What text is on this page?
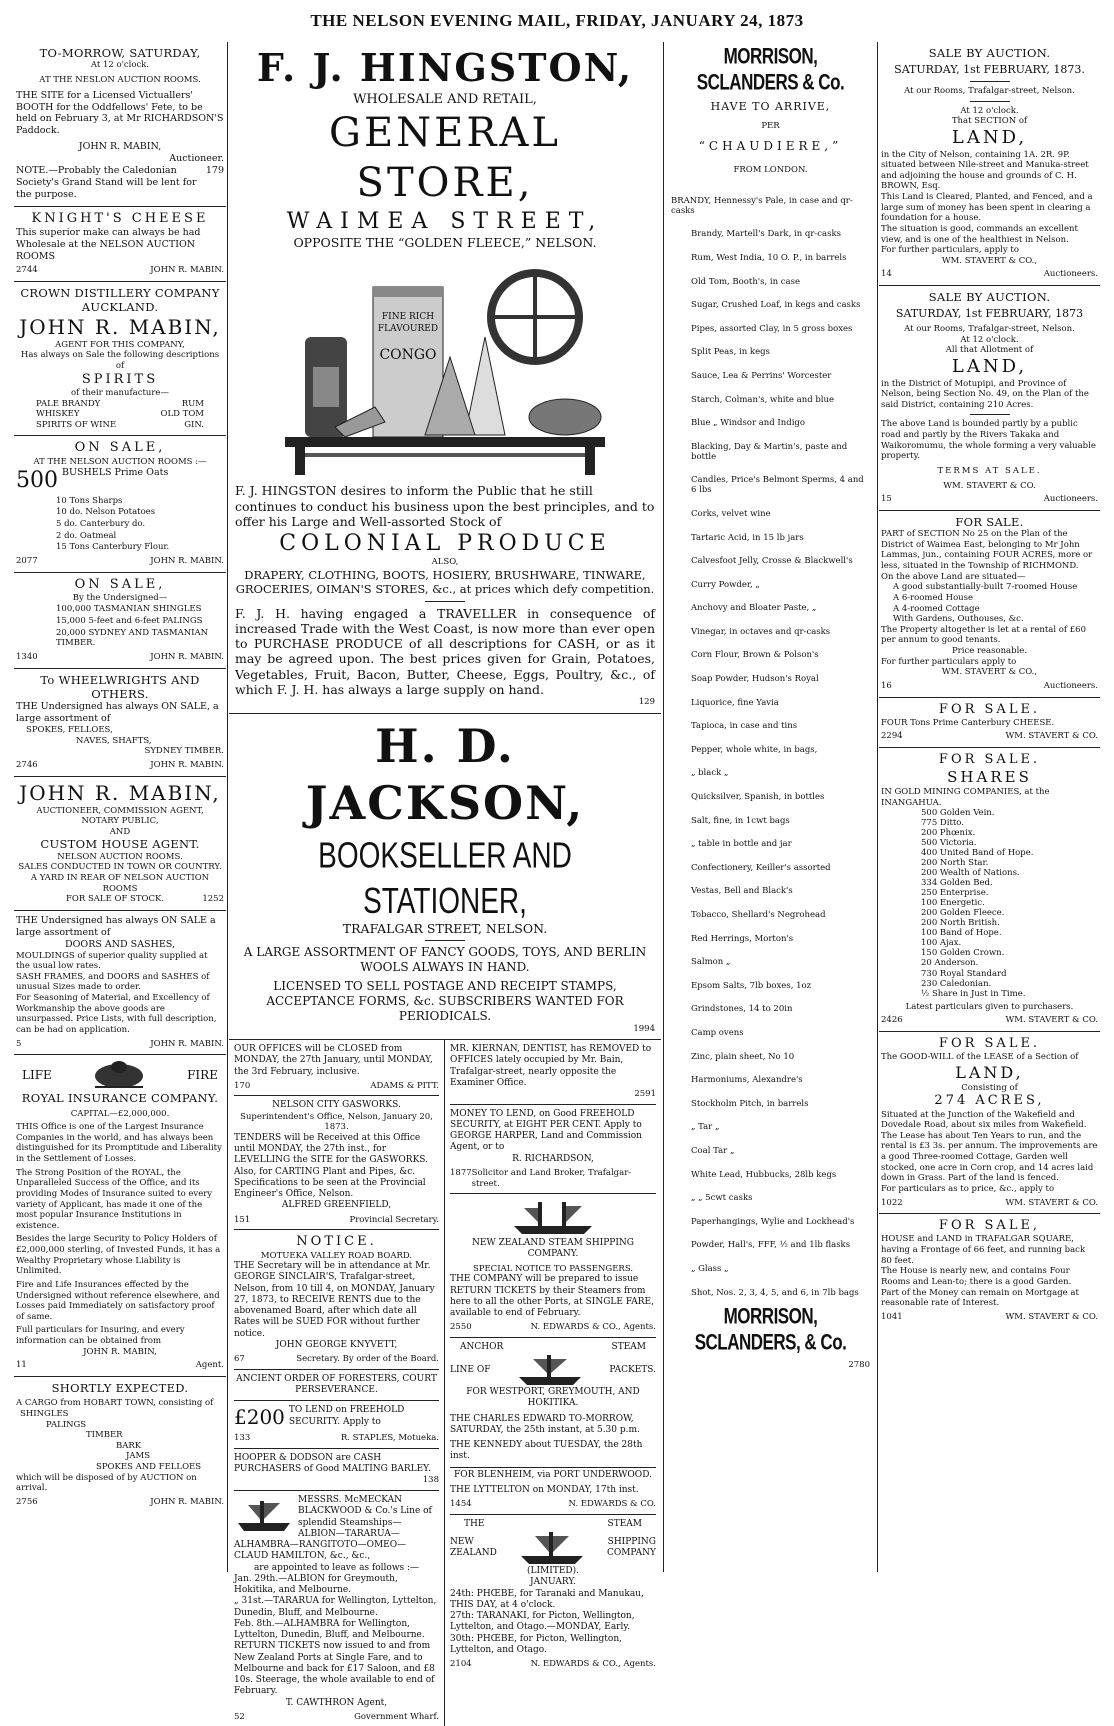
THE NELSON EVENING MAIL, FRIDAY, JANUARY 24, 1873
TO-MORROW, SATURDAY,
At 12 o'clock.
AT THE NESLON AUCTION ROOMS.
THE SITE for a Licensed Victuallers' BOOTH for the Oddfellows' Fete, to be held on February 3, at Mr RICHARDSON'S Paddock.
JOHN R. MABIN,
Auctioneer.
NOTE.—Probably the Caledonian Society's Grand Stand will be lent for the purpose.
179
KNIGHT'S CHEESE
This superior make can always be had Wholesale at the NELSON AUCTION ROOMS
2744	JOHN R. MABIN.
CROWN DISTILLERY COMPANY AUCKLAND.
JOHN R. MABIN,
AGENT FOR THIS COMPANY,
Has always on Sale the following descriptions of
SPIRITS
of their manufacture—
PALE BRANDY	RUM
WHISKEY	OLD TOM
SPIRITS OF WINE	GIN.
ON SALE,
AT THE NELSON AUCTION ROOMS :—
500 BUSHELS Prime Oats

10 Tons Sharps

10 do. Nelson Potatoes

5 do. Canterbury do.

2 do. Oatmeal

15 Tons Canterbury Flour.

2077	JOHN R. MABIN.
ON SALE,
By the Undersigned—

100,000 TASMANIAN SHINGLES

15,000 5-feet and 6-feet PALINGS

20,000 SYDNEY AND TASMANIAN TIMBER.

1340	JOHN R. MABIN.
To WHEELWRIGHTS AND OTHERS.
THE Undersigned has always ON SALE, a large assortment of
SPOKES, FELLOES,
NAVES, SHAFTS,
SYDNEY TIMBER.
2746	JOHN R. MABIN.
JOHN R. MABIN,
AUCTIONEER, COMMISSION AGENT,
NOTARY PUBLIC,
AND
CUSTOM HOUSE AGENT.
NELSON AUCTION ROOMS.
SALES CONDUCTED IN TOWN OR COUNTRY.
A YARD IN REAR OF NELSON AUCTION ROOMS
FOR SALE OF STOCK.	1252
THE Undersigned has always ON SALE a large assortment of
DOORS AND SASHES,
MOULDINGS of superior quality supplied at the usual low rates.
SASH FRAMES, and DOORS and SASHES of unusual Sizes made to order.
For Seasoning of Material, and Excellency of Workmanship the above goods are unsurpassed. Price Lists, with full description, can be had on application.
5	JOHN R. MABIN.
LIFE	FIRE
ROYAL INSURANCE COMPANY.
CAPITAL—£2,000,000.
THIS Office is one of the Largest Insurance Companies in the world, and has always been distinguished for its Promptitude and Liberality in the Settlement of Losses.
The Strong Position of the ROYAL, the Unparalleled Success of the Office, and its providing Modes of Insurance suited to every variety of Applicant, has made it one of the most popular Insurance Institutions in existence.
Besides the large Security to Policy Holders of £2,000,000 sterling, of Invested Funds, it has a Wealthy Proprietary whose Liability is Unlimited.
Fire and Life Insurances effected by the Undersigned without reference elsewhere, and Losses paid Immediately on satisfactory proof of same.
Full particulars for Insuring, and every information can be obtained from
JOHN R. MABIN,
11	Agent.
SHORTLY EXPECTED.
A CARGO from HOBART TOWN, consisting of
SHINGLES
PALINGS
TIMBER
BARK
JAMS
SPOKES AND FELLOES
which will be disposed of by AUCTION on arrival.
2756	JOHN R. MABIN.
F. J. HINGSTON,
WHOLESALE AND RETAIL,
GENERAL STORE,
WAIMEA STREET,
OPPOSITE THE “GOLDEN FLEECE,” NELSON.
FINE RICH
FLAVOURED
CONGO
F. J. HINGSTON desires to inform the Public that he still continues to conduct his business upon the best principles, and to offer his Large and Well-assorted Stock of
COLONIAL PRODUCE
ALSO,
DRAPERY, CLOTHING, BOOTS, HOSIERY, BRUSHWARE, TINWARE, GROCERIES, OIMAN'S STORES, &c., at prices which defy competition.
F. J. H. having engaged a TRAVELLER in consequence of increased Trade with the West Coast, is now more than ever open to PURCHASE PRODUCE of all descriptions for CASH, or as it may be agreed upon. The best prices given for Grain, Potatoes, Vegetables, Fruit, Bacon, Butter, Cheese, Eggs, Poultry, &c., of which F. J. H. has always a large supply on hand.
129
H. D. JACKSON,
BOOKSELLER AND STATIONER,
TRAFALGAR STREET, NELSON.
A LARGE ASSORTMENT OF FANCY GOODS, TOYS, AND BERLIN WOOLS ALWAYS IN HAND.
LICENSED TO SELL POSTAGE AND RECEIPT STAMPS, ACCEPTANCE FORMS, &c. SUBSCRIBERS WANTED FOR PERIODICALS.
1994
OUR OFFICES will be CLOSED from MONDAY, the 27th January, until MONDAY, the 3rd February, inclusive.
170	ADAMS & PITT.
NELSON CITY GASWORKS.
Superintendent's Office, Nelson, January 20, 1873.
TENDERS will be Received at this Office until MONDAY, the 27th inst., for LEVELLING the SITE for the GASWORKS.
Also, for CARTING Plant and Pipes, &c. Specifications to be seen at the Provincial Engineer's Office, Nelson.
ALFRED GREENFIELD,
151	Provincial Secretary.
NOTICE.
MOTUEKA VALLEY ROAD BOARD.
THE Secretary will be in attendance at Mr. GEORGE SINCLAIR'S, Trafalgar-street, Nelson, from 10 till 4, on MONDAY, January 27, 1873, to RECEIVE RENTS due to the abovenamed Board, after which date all Rates will be SUED FOR without further notice.
JOHN GEORGE KNYVETT,
67	Secretary. By order of the Board.
ANCIENT ORDER OF FORESTERS, COURT PERSEVERANCE.
£200 TO LEND on FREEHOLD SECURITY. Apply to
133	R. STAPLES, Motueka.
HOOPER & DODSON are CASH PURCHASERS of Good MALTING BARLEY.
138
MESSRS. McMECKAN BLACKWOOD & Co.'s Line of splendid Steamships—ALBION—TARARUA—ALHAMBRA—RANGITOTO—OMEO—CLAUD HAMILTON, &c., &c.,
are appointed to leave as follows :—
Jan. 29th.—ALBION for Greymouth, Hokitika, and Melbourne.
„ 31st.—TARARUA for Wellington, Lyttelton, Dunedin, Bluff, and Melbourne.
Feb. 8th.—ALHAMBRA for Wellington, Lyttelton, Dunedin, Bluff, and Melbourne.
RETURN TICKETS now issued to and from New Zealand Ports at Single Fare, and to Melbourne and back for £17 Saloon, and £8 10s. Steerage, the whole available to end of February.
T. CAWTHRON Agent,
52	Government Wharf.
MR. KIERNAN, DENTIST, has REMOVED to OFFICES lately occupied by Mr. Bain, Trafalgar-street, nearly opposite the Examiner Office.
2591
MONEY TO LEND, on Good FREEHOLD SECURITY, at EIGHT PER CENT. Apply to GEORGE HARPER, Land and Commission Agent, or to
R. RICHARDSON,
1877 Solicitor and Land Broker, Trafalgar-street.
NEW ZEALAND STEAM SHIPPING COMPANY.
SPECIAL NOTICE TO PASSENGERS.
THE COMPANY will be prepared to issue RETURN TICKETS by their Steamers from here to all the other Ports, at SINGLE FARE, available to end of February.
2550	N. EDWARDS & CO., Agents.
ANCHOR	STEAM
LINE OF	PACKETS.
FOR WESTPORT, GREYMOUTH, AND HOKITIKA.
THE CHARLES EDWARD TO-MORROW, SATURDAY, the 25th instant, at 5.30 p.m.
THE KENNEDY about TUESDAY, the 28th inst.
FOR BLENHEIM, via PORT UNDERWOOD.
THE LYTTELTON on MONDAY, 17th inst.
1454	N. EDWARDS & CO.
THE	STEAM
NEW
ZEALAND
SHIPPING
COMPANY
(LIMITED).
JANUARY.
24th: PHŒBE, for Taranaki and Manukau, THIS DAY, at 4 o'clock.
27th: TARANAKI, for Picton, Wellington, Lyttelton, and Otago.—MONDAY, Early.
30th: PHŒBE, for Picton, Wellington, Lyttelton, and Otago.
2104	N. EDWARDS & CO., Agents.
MORRISON, SCLANDERS & Co.
HAVE TO ARRIVE,
PER
“CHAUDIERE,”
FROM LONDON.

BRANDY, Hennessy's Pale, in case and qr-casks

Brandy, Martell's Dark, in qr-casks

Rum, West India, 10 O. P., in barrels

Old Tom, Booth's, in case

Sugar, Crushed Loaf, in kegs and casks

Pipes, assorted Clay, in 5 gross boxes

Split Peas, in kegs

Sauce, Lea & Perrins' Worcester

Starch, Colman's, white and blue

Blue „ Windsor and Indigo

Blacking, Day & Martin's, paste and bottle

Candles, Price's Belmont Sperms, 4 and 6 lbs

Corks, velvet wine

Tartaric Acid, in 15 lb jars

Calvesfoot Jelly, Crosse & Blackwell's

Curry Powder, „

Anchovy and Bloater Paste, „

Vinegar, in octaves and qr-casks

Corn Flour, Brown & Polson's

Soap Powder, Hudson's Royal

Liquorice, fine Yavia

Tapioca, in case and tins

Pepper, whole white, in bags,

„ black „

Quicksilver, Spanish, in bottles

Salt, fine, in 1cwt bags

„ table in bottle and jar

Confectionery, Keiller's assorted

Vestas, Bell and Black's

Tobacco, Shellard's Negrohead

Red Herrings, Morton's

Salmon „

Epsom Salts, 7lb boxes, 1oz

Grindstones, 14 to 20in

Camp ovens

Zinc, plain sheet, No 10

Harmoniums, Alexandre's

Stockholm Pitch, in barrels

„ Tar „

Coal Tar „

White Lead, Hubbucks, 28lb kegs

„ „ 5cwt casks

Paperhangings, Wylie and Lockhead's

Powder, Hall's, FFF, ½ and 1lb flasks

„ Glass „

Shot, Nos. 2, 3, 4, 5, and 6, in 7lb bags

MORRISON, SCLANDERS, & Co.
2780
SALE BY AUCTION.
SATURDAY, 1st FEBRUARY, 1873.
At our Rooms, Trafalgar-street, Nelson.
At 12 o'clock.
That SECTION of
LAND,
in the City of Nelson, containing 1A. 2R. 9P. situated between Nile-street and Manuka-street and adjoining the house and grounds of C. H. BROWN, Esq.
This Land is Cleared, Planted, and Fenced, and a large sum of money has been spent in clearing a foundation for a house.
The situation is good, commands an excellent view, and is one of the healthiest in Nelson.
For further particulars, apply to
WM. STAVERT & CO.,
14	Auctioneers.
SALE BY AUCTION.
SATURDAY, 1st FEBRUARY, 1873
At our Rooms, Trafalgar-street, Nelson.
At 12 o'clock.
All that Allotment of
LAND,
in the District of Motupipi, and Province of Nelson, being Section No. 49, on the Plan of the said District, containing 210 Acres.
The above Land is bounded partly by a public road and partly by the Rivers Takaka and Waikoromumu, the whole forming a very valuable property.
TERMS AT SALE.
WM. STAVERT & CO.
15	Auctioneers.
FOR SALE.
PART of SECTION No 25 on the Plan of the District of Waimea East, belonging to Mr John Lammas, jun., containing FOUR ACRES, more or less, situated in the Township of RICHMOND.
On the above Land are situated—
A good substantially-built 7-roomed House
A 6-roomed House
A 4-roomed Cottage
With Gardens, Outhouses, &c.
The Property altogether is let at a rental of £60 per annum to good tenants.
Price reasonable.
For further particulars apply to
WM. STAVERT & CO.,
16	Auctioneers.
FOR SALE.
FOUR Tons Prime Canterbury CHEESE.
2294	WM. STAVERT & CO.
FOR SALE.
SHARES
IN GOLD MINING COMPANIES, at the INANGAHUA.

500 Golden Vein.

775 Ditto.

200 Phœnix.

500 Victoria.

400 United Band of Hope.

200 North Star.

200 Wealth of Nations.

334 Golden Bed.

250 Enterprise.

100 Energetic.

200 Golden Fleece.

200 North British.

100 Band of Hope.

100 Ajax.

150 Golden Crown.

20 Anderson.

730 Royal Standard

230 Caledonian.

½ Share in Just in Time.

Latest particulars given to purchasers.
2426	WM. STAVERT & CO.
FOR SALE.
The GOOD-WILL of the LEASE of a Section of
LAND,
Consisting of
274 ACRES,
Situated at the Junction of the Wakefield and Dovedale Road, about six miles from Wakefield.
The Lease has about Ten Years to run, and the rental is £3 3s. per annum. The improvements are a good Three-roomed Cottage, Garden well stocked, one acre in Corn crop, and 14 acres laid down in Grass. Part of the land is fenced.
For particulars as to price, &c., apply to
1022	WM. STAVERT & CO.
FOR SALE,
HOUSE and LAND in TRAFALGAR SQUARE, having a Frontage of 66 feet, and running back 80 feet.
The House is nearly new, and contains Four Rooms and Lean-to; there is a good Garden.
Part of the Money can remain on Mortgage at reasonable rate of Interest.
1041	WM. STAVERT & CO.
